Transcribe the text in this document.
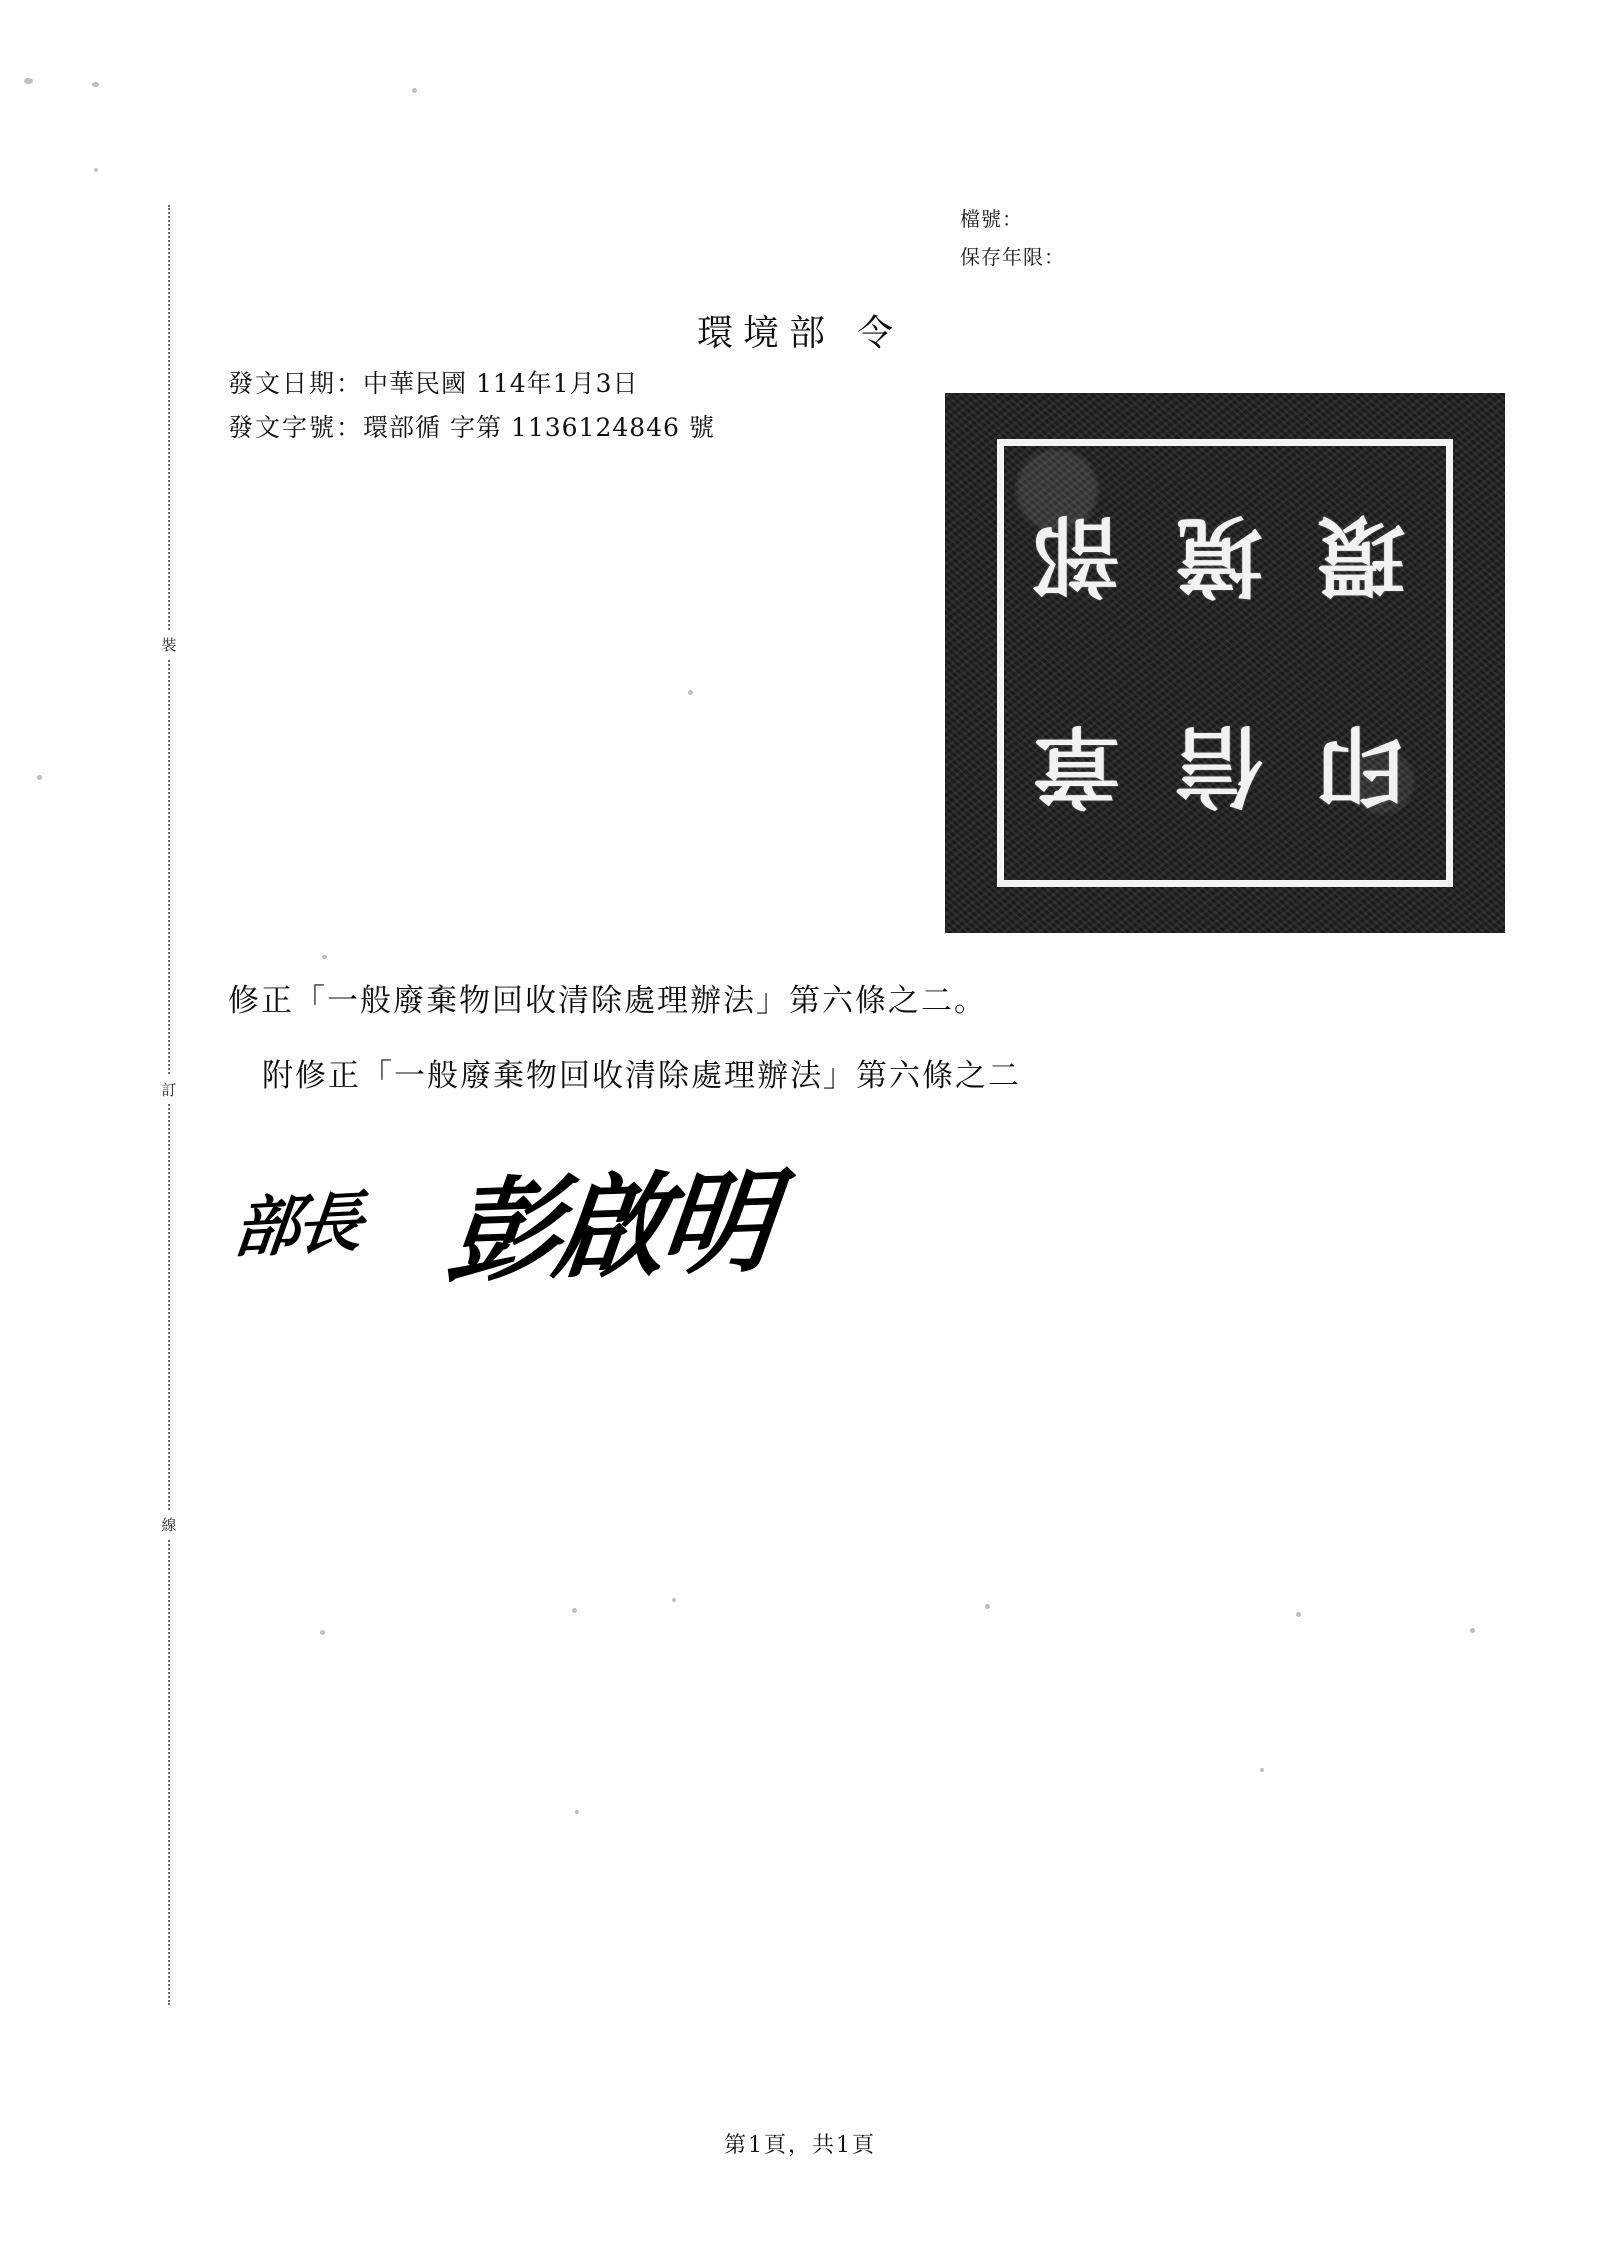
裝
訂
線
檔號：
保存年限：
環境部 令
發文日期：中華民國 114年1月3日
發文字號：環部循 字第 1136124846 號
環
境
部
印
信
章
修正「一般廢棄物回收清除處理辦法」第六條之二。
附修正「一般廢棄物回收清除處理辦法」第六條之二
部長 彭啟明
第1頁，共1頁
